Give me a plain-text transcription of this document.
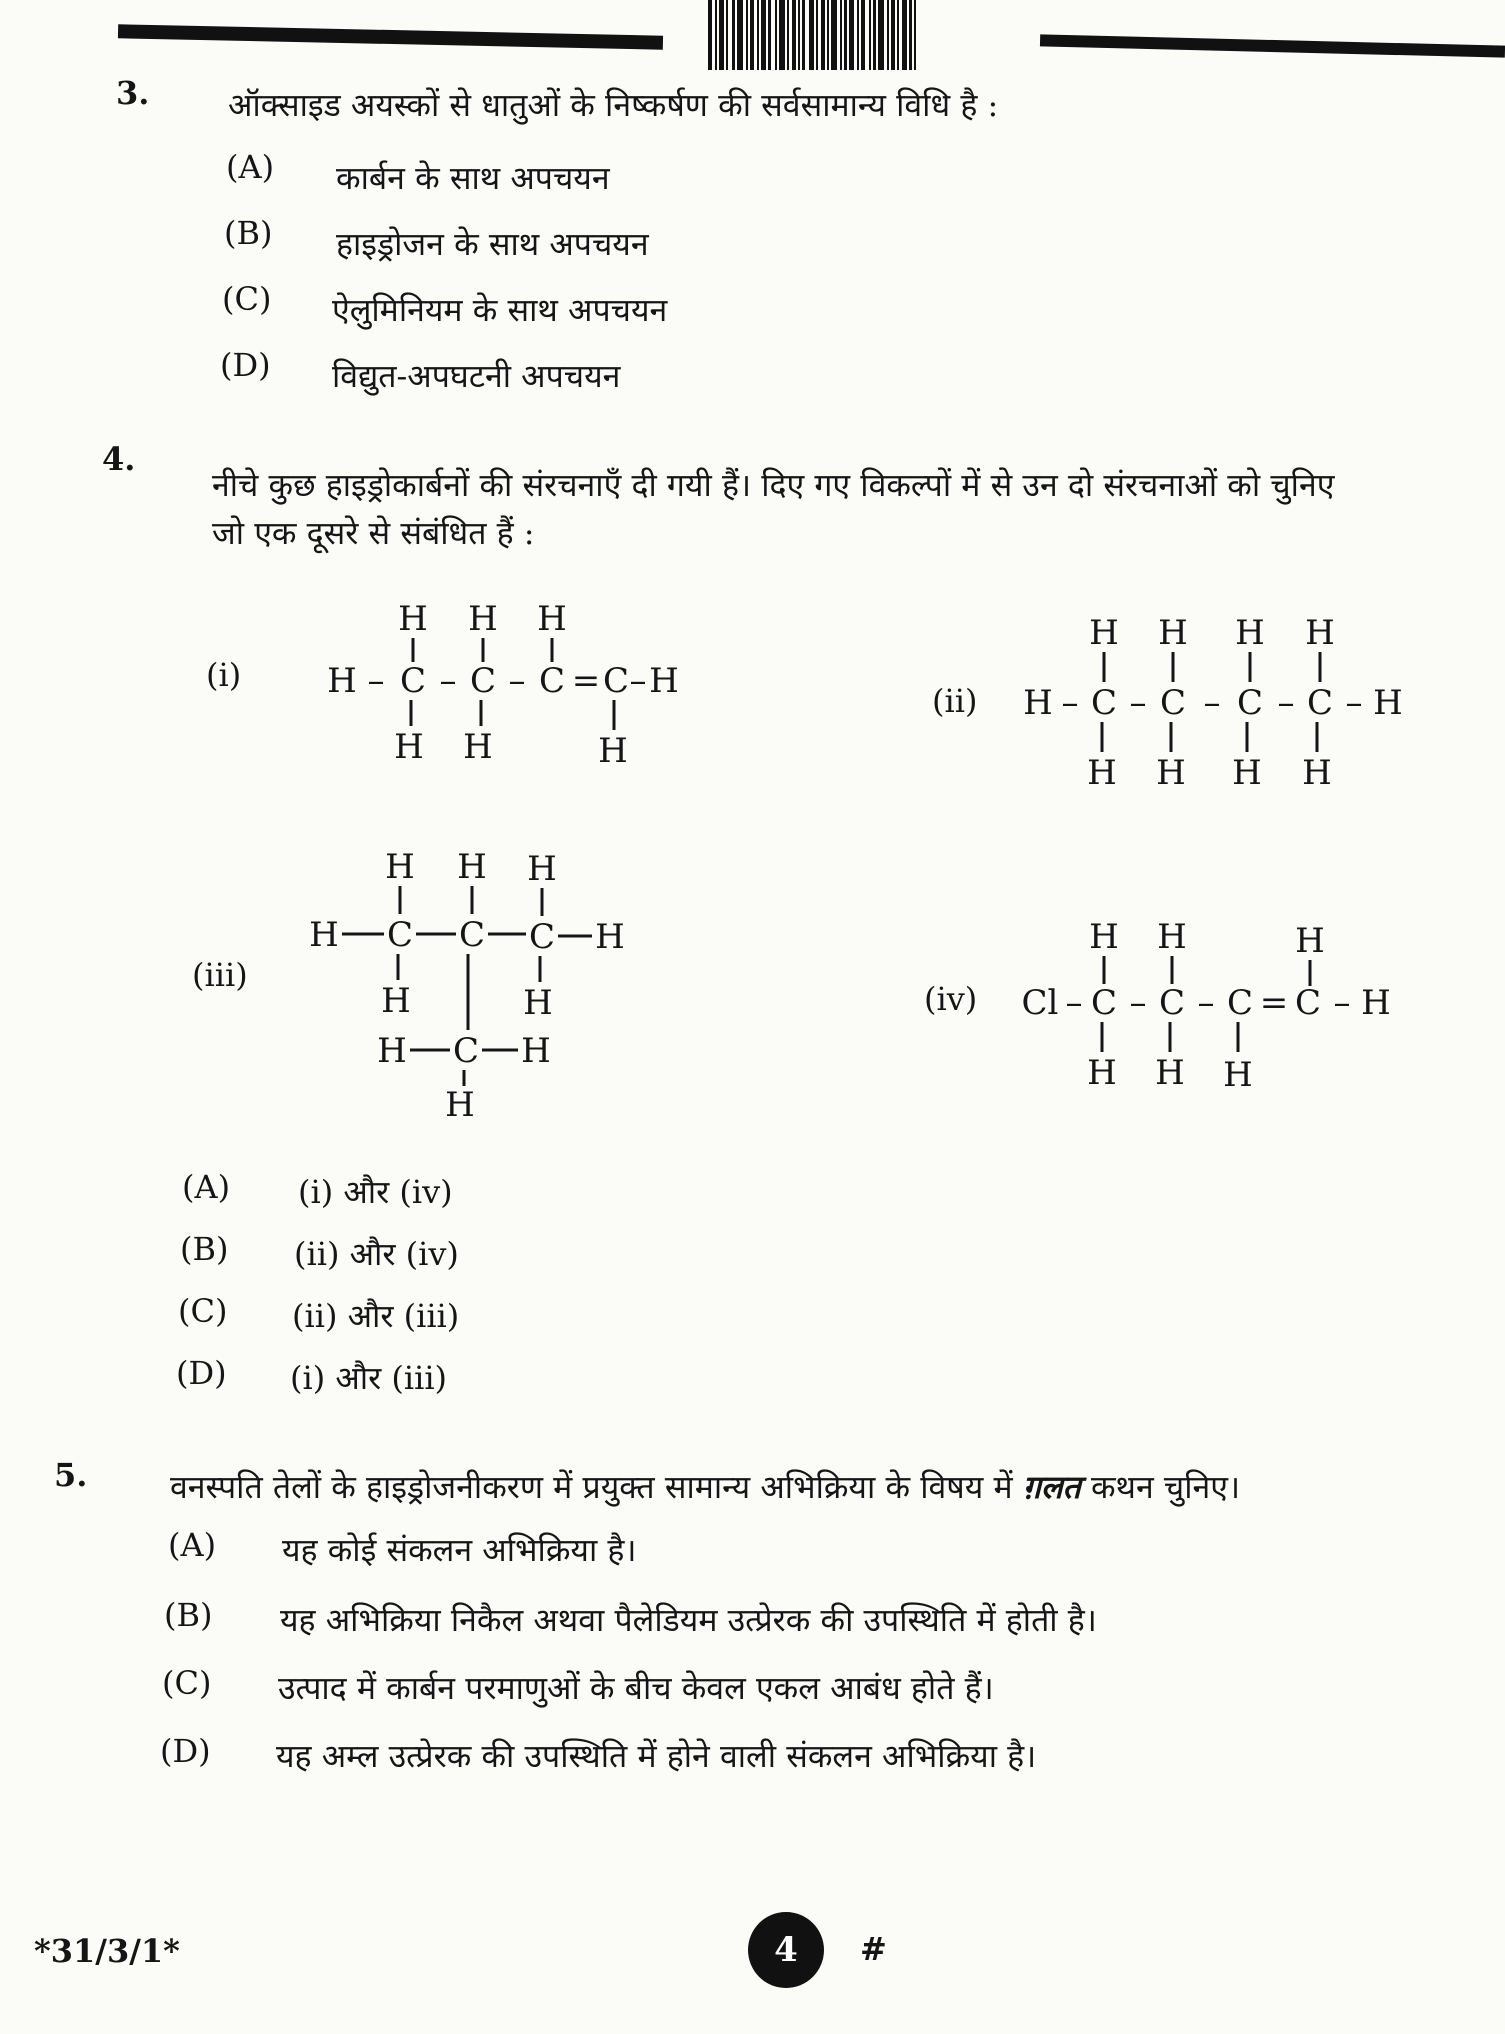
3. ऑक्साइड अयस्कों से धातुओं के निष्कर्षण की सर्वसामान्य विधि है :
(A) कार्बन के साथ अपचयन
(B) हाइड्रोजन के साथ अपचयन
(C) ऐलुमिनियम के साथ अपचयन
(D) विद्युत-अपघटनी अपचयन
4.
नीचे कुछ हाइड्रोकार्बनों की संरचनाएँ दी गयी हैं। दिए गए विकल्पों में से उन दो संरचनाओं को चुनिए
जो एक दूसरे से संबंधित हैं :
(i)
(ii)
(iii)
(iv)
H H H
H – C – C – C = C – H
H H	H
H H H H
H – C – C – C – C – H
H H H H
H H H
H C C C H
H	H
H C H
H
H H	H
Cl – C – C – C = C – H
H H H
(A) (i) और (iv)
(B) (ii) और (iv)
(C) (ii) और (iii)
(D) (i) और (iii)
5.	वनस्पति तेलों के हाइड्रोजनीकरण में प्रयुक्त सामान्य अभिक्रिया के विषय में ग़लत कथन चुनिए।
(A) यह कोई संकलन अभिक्रिया है।
(B) यह अभिक्रिया निकैल अथवा पैलेडियम उत्प्रेरक की उपस्थिति में होती है।
(C) उत्पाद में कार्बन परमाणुओं के बीच केवल एकल आबंध होते हैं।
(D) यह अम्ल उत्प्रेरक की उपस्थिति में होने वाली संकलन अभिक्रिया है।
*31/3/1*	4 #
